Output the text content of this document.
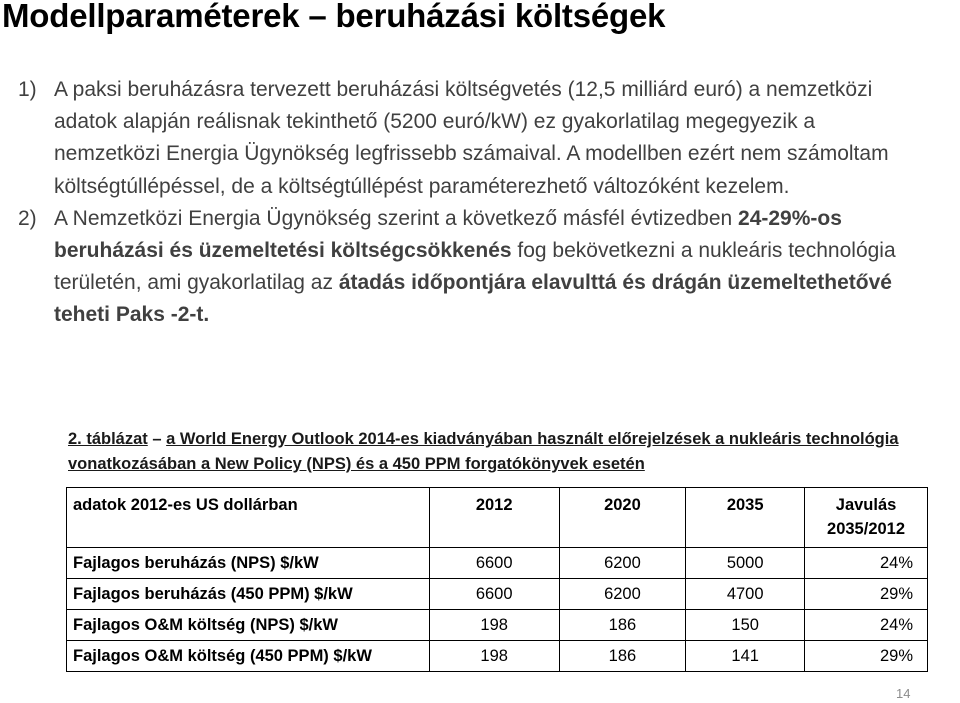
Modellparaméterek – beruházási költségek
1) A paksi beruházásra tervezett beruházási költségvetés (12,5 milliárd euró) a nemzetközi adatok alapján reálisnak tekinthető (5200 euró/kW) ez gyakorlatilag megegyezik a nemzetközi Energia Ügynökség legfrissebb számaival. A modellben ezért nem számoltam költségtúllépéssel, de a költségtúllépést paraméterezhető változóként kezelem.
2) A Nemzetközi Energia Ügynökség szerint a következő másfél évtizedben 24-29%-os beruházási és üzemeltetési költségcsökkenés fog bekövetkezni a nukleáris technológia területén, ami gyakorlatilag az átadás időpontjára elavulttá és drágán üzemeltethetővé teheti Paks -2-t.
2. táblázat – a World Energy Outlook 2014-es kiadványában használt előrejelzések a nukleáris technológia vonatkozásában a New Policy (NPS) és a 450 PPM forgatókönyvek esetén
adatok 2012-es US dollárban	2012	2020	2035	Javulás 2035/2012
Fajlagos beruházás (NPS) $/kW	6600	6200	5000	24%
Fajlagos beruházás (450 PPM) $/kW	6600	6200	4700	29%
Fajlagos O&M költség (NPS) $/kW	198	186	150	24%
Fajlagos O&M költség (450 PPM) $/kW	198	186	141	29%
14
